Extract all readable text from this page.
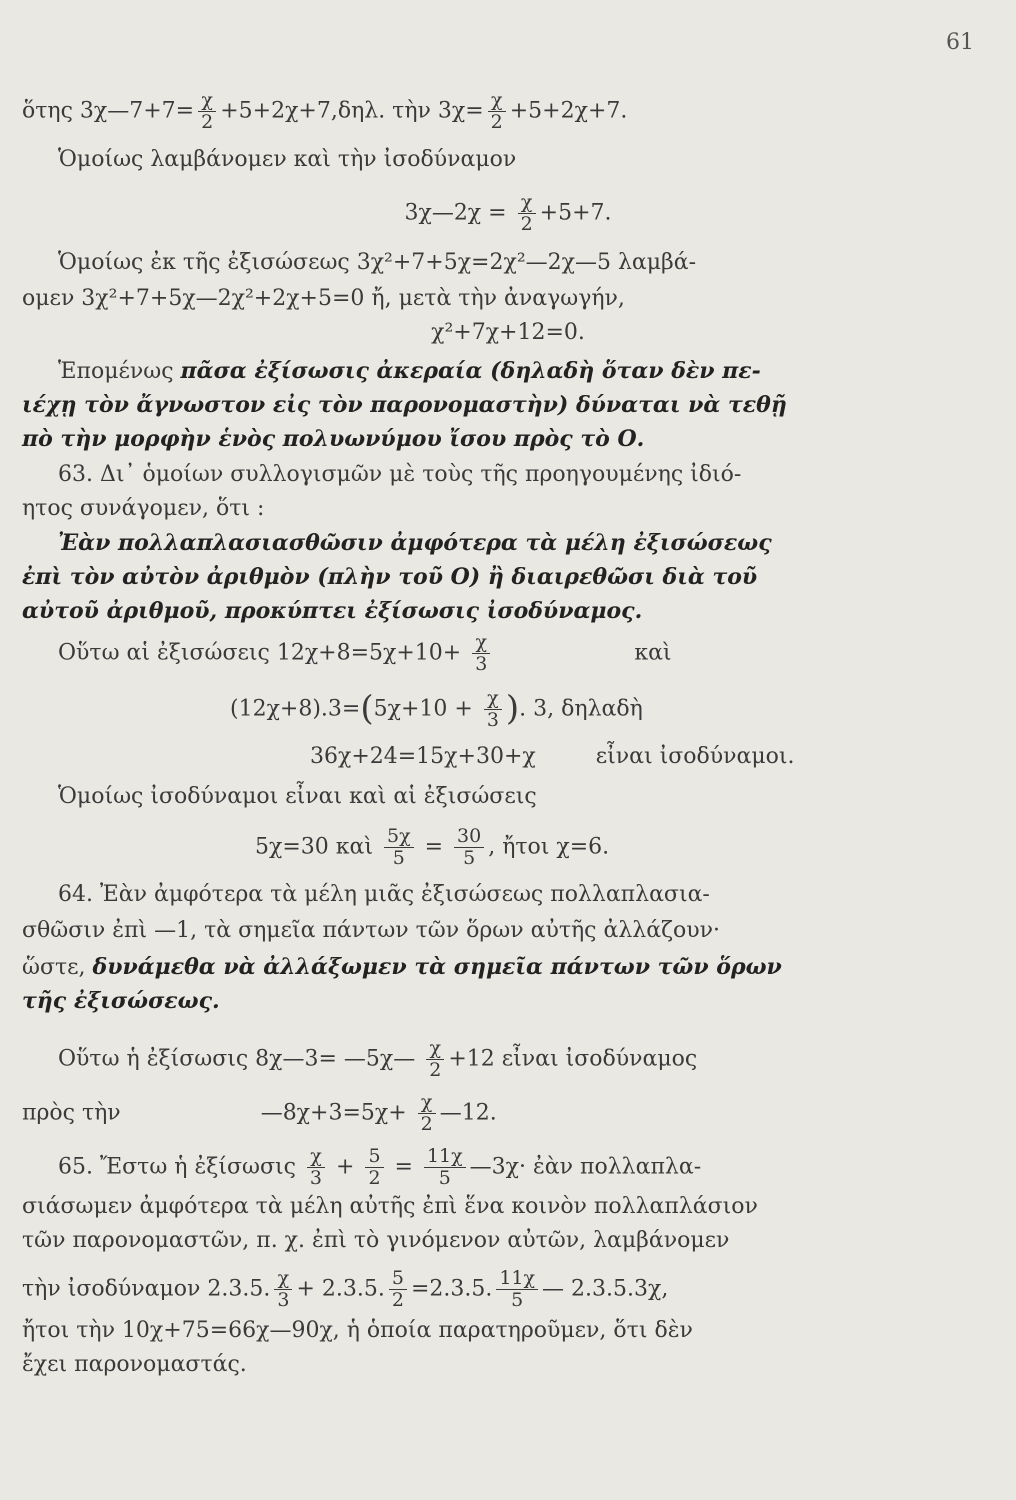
61
ὅτης 3χ—7+7= $\frac{\chi}{2} +5+2\chi+7,\delta\eta\lambda$. τὴν $3\chi= \frac{\chi}{2} +5+2\chi+7$.
Ὁμοίως λαμβάνομεν καὶ τὴν ἰσοδύναμον
3χ—2χ = $\frac{\chi}{2} +5+7$.
Ὁμοίως ἐκ τῆς ἐξισώσεως 3χ²+7+5χ=2χ²—2χ—5 λαμβά-
ομεν 3χ²+7+5χ—2χ²+2χ+5=0 ἤ, μετὰ τὴν ἀναγωγήν,
χ²+7χ+12=0.
Ἑπομένως πᾶσα ἐξίσωσις ἀκεραία (δηλαδὴ ὅταν δὲν πε-
ιέχῃ τὸν ἄγνωστον εἰς τὸν παρονομαστὴν) δύναται νὰ τεθῇ
πὸ τὴν μορφὴν ἑνὸς πολυωνύμου ἴσου πρὸς τὸ Ο.
63. Δι᾽ ὁμοίων συλλογισμῶν μὲ τοὺς τῆς προηγουμένης ἰδιό-
ητος συνάγομεν, ὅτι :
Ἐὰν πολλαπλασιασθῶσιν ἀμφότερα τὰ μέλη ἐξισώσεως
ἐπὶ τὸν αὐτὸν ἀριθμὸν (πλὴν τοῦ Ο) ἢ διαιρεθῶσι διὰ τοῦ
αὐτοῦ ἀριθμοῦ, προκύπτει ἐξίσωσις ἰσοδύναμος.
Οὕτω αἱ ἐξισώσεις $12\chi+8=5\chi+10+ \frac{\chi}{3}$	καὶ
$(12\chi+8).3=(5\chi+10 + \frac{\chi}{3}$ ). 3, δηλαδὴ
36χ+24=15χ+30+χ	εἶναι ἰσοδύναμοι.
Ὁμοίως ἰσοδύναμοι εἶναι καὶ αἱ ἐξισώσεις
5χ=30 καὶ $\frac{5\chi}{5} = \frac{30}{5}$ , ἤτοι χ=6.
64. Ἐὰν ἀμφότερα τὰ μέλη μιᾶς ἐξισώσεως πολλαπλασια-
σθῶσιν ἐπὶ —1, τὰ σημεῖα πάντων τῶν ὅρων αὐτῆς ἀλλάζουν·
ὥστε, δυνάμεθα νὰ ἀλλάξωμεν τὰ σημεῖα πάντων τῶν ὅρων
τῆς ἐξισώσεως.
Οὕτω ἡ ἐξίσωσις 8χ—3= —5χ— $\frac{\chi}{2} +12$ εἶναι ἰσοδύναμος
πρὸς τὴν	—8χ+3=5χ+ $\frac{\chi}{2}$ —12.
65. Ἔστω ἡ ἐξίσωσις $\frac{\chi}{3} + \frac{5}{2} = \frac{11\chi}{5}$ —3χ· ἐὰν πολλαπλα-
σιάσωμεν ἀμφότερα τὰ μέλη αὐτῆς ἐπὶ ἕνα κοινὸν πολλαπλάσιον
τῶν παρονομαστῶν, π. χ. ἐπὶ τὸ γινόμενον αὐτῶν, λαμβάνομεν
τὴν ἰσοδύναμον 2.3.5. $\frac{\chi}{3} + 2.3.5$. $\frac{5}{2} =2.3.5$. $\frac{11\chi}{5}$ — 2.3.5.3χ,
ἤτοι τὴν 10χ+75=66χ—90χ, ἡ ὁποία παρατηροῦμεν, ὅτι δὲν
ἔχει παρονομαστάς.
